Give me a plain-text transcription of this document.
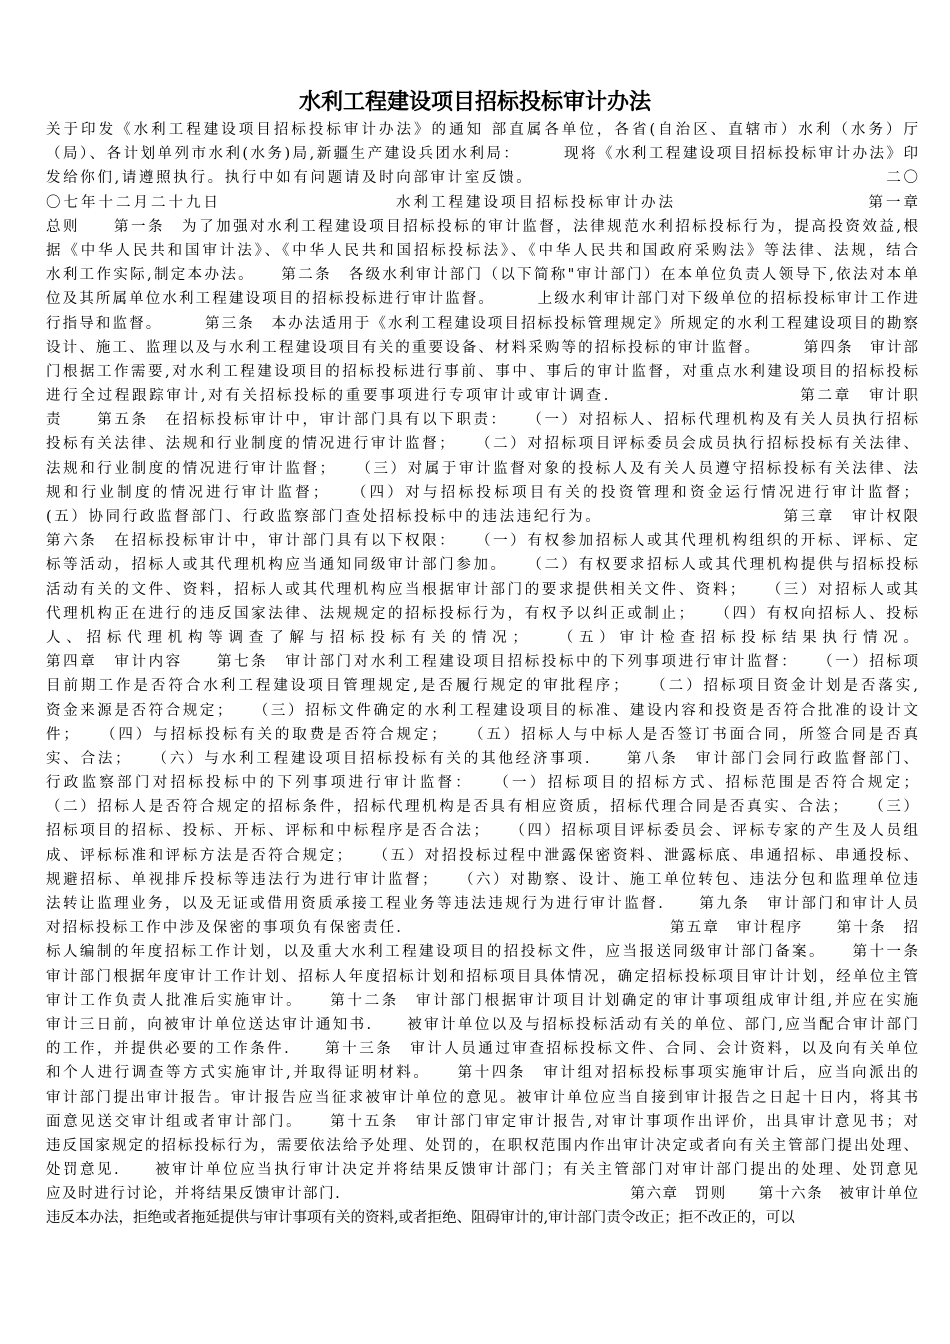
水利工程建设项目招标投标审计办法
关于印发《水利工程建设项目招标投标审计办法》的通知 部直属各单位，各省(自治区、直辖市）水利（水务）厅
（局）、各计划单列市水利(水务)局,新疆生产建设兵团水利局：　　　现将《水利工程建设项目招标投标审计办法》印
发给你们,请遵照执行。执行中如有问题请及时向部审计室反馈。　　　　　　　　　　　　　　　　　　　　　二〇
〇七年十二月二十九日　　　　　　　　　　水利工程建设项目招标投标审计办法　　　　　　　　　　　第一章
总则　　第一条　为了加强对水利工程建设项目招标投标的审计监督，法律规范水利招标投标行为，提高投资效益,根
据《中华人民共和国审计法》、《中华人民共和国招标投标法》、《中华人民共和国政府采购法》等法律、法规，结合
水利工作实际,制定本办法。　　第二条　各级水利审计部门（以下简称"审计部门）在本单位负责人领导下,依法对本单
位及其所属单位水利工程建设项目的招标投标进行审计监督。　　　上级水利审计部门对下级单位的招标投标审计工作进
行指导和监督。　　　第三条　本办法适用于《水利工程建设项目招标投标管理规定》所规定的水利工程建设项目的勘察
设计、施工、监理以及与水利工程建设项目有关的重要设备、材料采购等的招标投标的审计监督。　　　第四条　审计部
门根据工作需要,对水利工程建设项目的招标投标进行事前、事中、事后的审计监督，对重点水利建设项目的招标投标
进行全过程跟踪审计,对有关招标投标的重要事项进行专项审计或审计调查.　　　　　　　　　　　第二章　审计职
责　　第五条　在招标投标审计中，审计部门具有以下职责：　　（一）对招标人、招标代理机构及有关人员执行招标
投标有关法律、法规和行业制度的情况进行审计监督；　　（二）对招标项目评标委员会成员执行招标投标有关法律、
法规和行业制度的情况进行审计监督；　　（三）对属于审计监督对象的投标人及有关人员遵守招标投标有关法律、法
规和行业制度的情况进行审计监督；　　（四）对与招标投标项目有关的投资管理和资金运行情况进行审计监督；
(五）协同行政监督部门、行政监察部门查处招标投标中的违法违纪行为。　　　　　　　　　　　第三章　审计权限
第六条　在招标投标审计中，审计部门具有以下权限：　　（一）有权参加招标人或其代理机构组织的开标、评标、定
标等活动，招标人或其代理机构应当通知同级审计部门参加。　　（二）有权要求招标人或其代理机构提供与招标投标
活动有关的文件、资料，招标人或其代理机构应当根据审计部门的要求提供相关文件、资料；　　（三）对招标人或其
代理机构正在进行的违反国家法律、法规规定的招标投标行为，有权予以纠正或制止；　　（四）有权向招标人、投标
人、招标代理机构等调查了解与招标投标有关的情况；　　（五）审计检查招标投标结果执行情况。
第四章　审计内容　　第七条　审计部门对水利工程建设项目招标投标中的下列事项进行审计监督：　　（一）招标项
目前期工作是否符合水利工程建设项目管理规定,是否履行规定的审批程序；　　（二）招标项目资金计划是否落实,
资金来源是否符合规定；　　（三）招标文件确定的水利工程建设项目的标准、建设内容和投资是否符合批准的设计文
件；　　（四）与招标投标有关的取费是否符合规定；　　（五）招标人与中标人是否签订书面合同，所签合同是否真
实、合法；　　（六）与水利工程建设项目招标投标有关的其他经济事项.　　第八条　审计部门会同行政监督部门、
行政监察部门对招标投标中的下列事项进行审计监督：　　（一）招标项目的招标方式、招标范围是否符合规定；
（二）招标人是否符合规定的招标条件，招标代理机构是否具有相应资质，招标代理合同是否真实、合法；　　（三）
招标项目的招标、投标、开标、评标和中标程序是否合法；　　（四）招标项目评标委员会、评标专家的产生及人员组
成、评标标准和评标方法是否符合规定；　　（五）对招投标过程中泄露保密资料、泄露标底、串通招标、串通投标、
规避招标、单视排斥投标等违法行为进行审计监督；　　（六）对勘察、设计、施工单位转包、违法分包和监理单位违
法转让监理业务，以及无证或借用资质承接工程业务等违法违规行为进行审计监督.　　第九条　审计部门和审计人员
对招标投标工作中涉及保密的事项负有保密责任.　　　　　　　　　　　　　　　　第五章　审计程序　　第十条　招
标人编制的年度招标工作计划，以及重大水利工程建设项目的招投标文件，应当报送同级审计部门备案。　　第十一条
审计部门根据年度审计工作计划、招标人年度招标计划和招标项目具体情况，确定招标投标项目审计计划，经单位主管
审计工作负责人批准后实施审计。　　第十二条　审计部门根据审计项目计划确定的审计事项组成审计组,并应在实施
审计三日前，向被审计单位送达审计通知书.　　被审计单位以及与招标投标活动有关的单位、部门,应当配合审计部门
的工作，并提供必要的工作条件.　　第十三条　审计人员通过审查招标投标文件、合同、会计资料，以及向有关单位
和个人进行调查等方式实施审计,并取得证明材料。　　第十四条　审计组对招标投标事项实施审计后，应当向派出的
审计部门提出审计报告。审计报告应当征求被审计单位的意见。被审计单位应当自接到审计报告之日起十日内，将其书
面意见送交审计组或者审计部门。　　第十五条　审计部门审定审计报告,对审计事项作出评价，出具审计意见书；对
违反国家规定的招标投标行为，需要依法给予处理、处罚的，在职权范围内作出审计决定或者向有关主管部门提出处理、
处罚意见.　　被审计单位应当执行审计决定并将结果反馈审计部门；有关主管部门对审计部门提出的处理、处罚意见
应及时进行讨论，并将结果反馈审计部门.　　　　　　　　　　　　　　　　　　第六章　罚则　　第十六条　被审计单位
违反本办法，拒绝或者拖延提供与审计事项有关的资料,或者拒绝、阻碍审计的,审计部门责令改正；拒不改正的，可以
